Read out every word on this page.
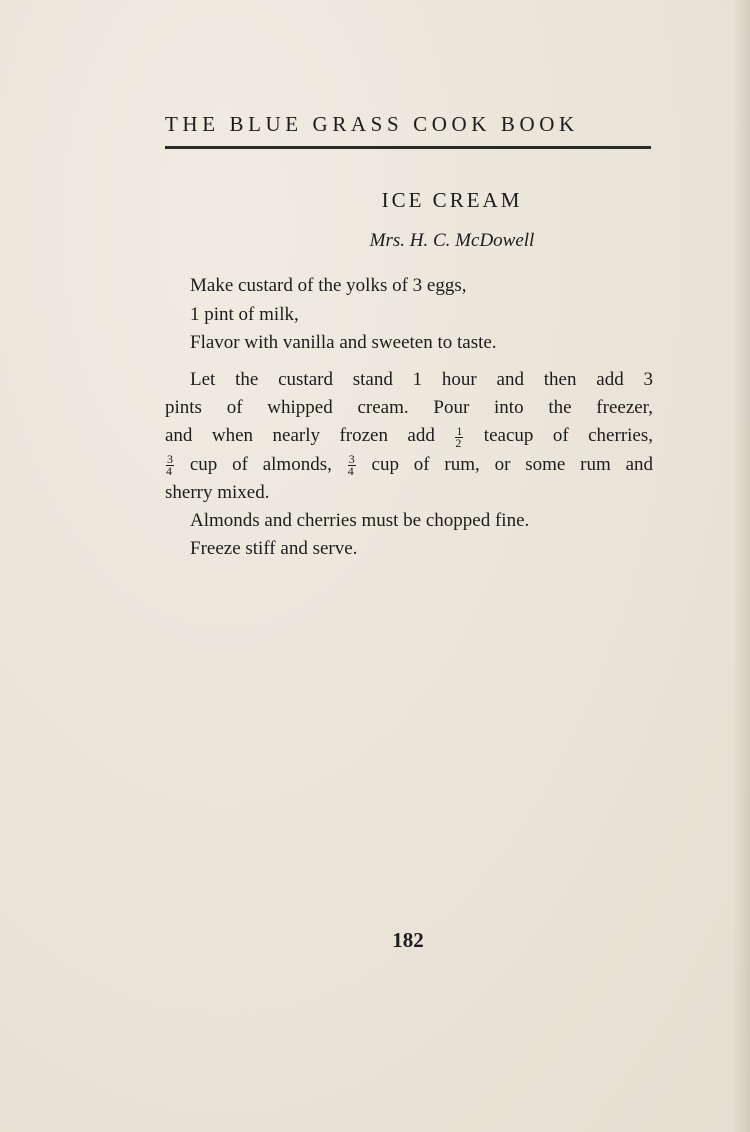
THE BLUE GRASS COOK BOOK
ICE CREAM
Mrs. H. C. McDowell
Make custard of the yolks of 3 eggs,
1 pint of milk,
Flavor with vanilla and sweeten to taste.
Let the custard stand 1 hour and then add 3
pints of whipped cream. Pour into the freezer,
and when nearly frozen add $\frac{1}{2}$ teacup of cherries,
$\frac{3}{4}$ cup of almonds, $\frac{3}{4}$ cup of rum, or some rum and
sherry mixed.
Almonds and cherries must be chopped fine.
Freeze stiff and serve.
182
